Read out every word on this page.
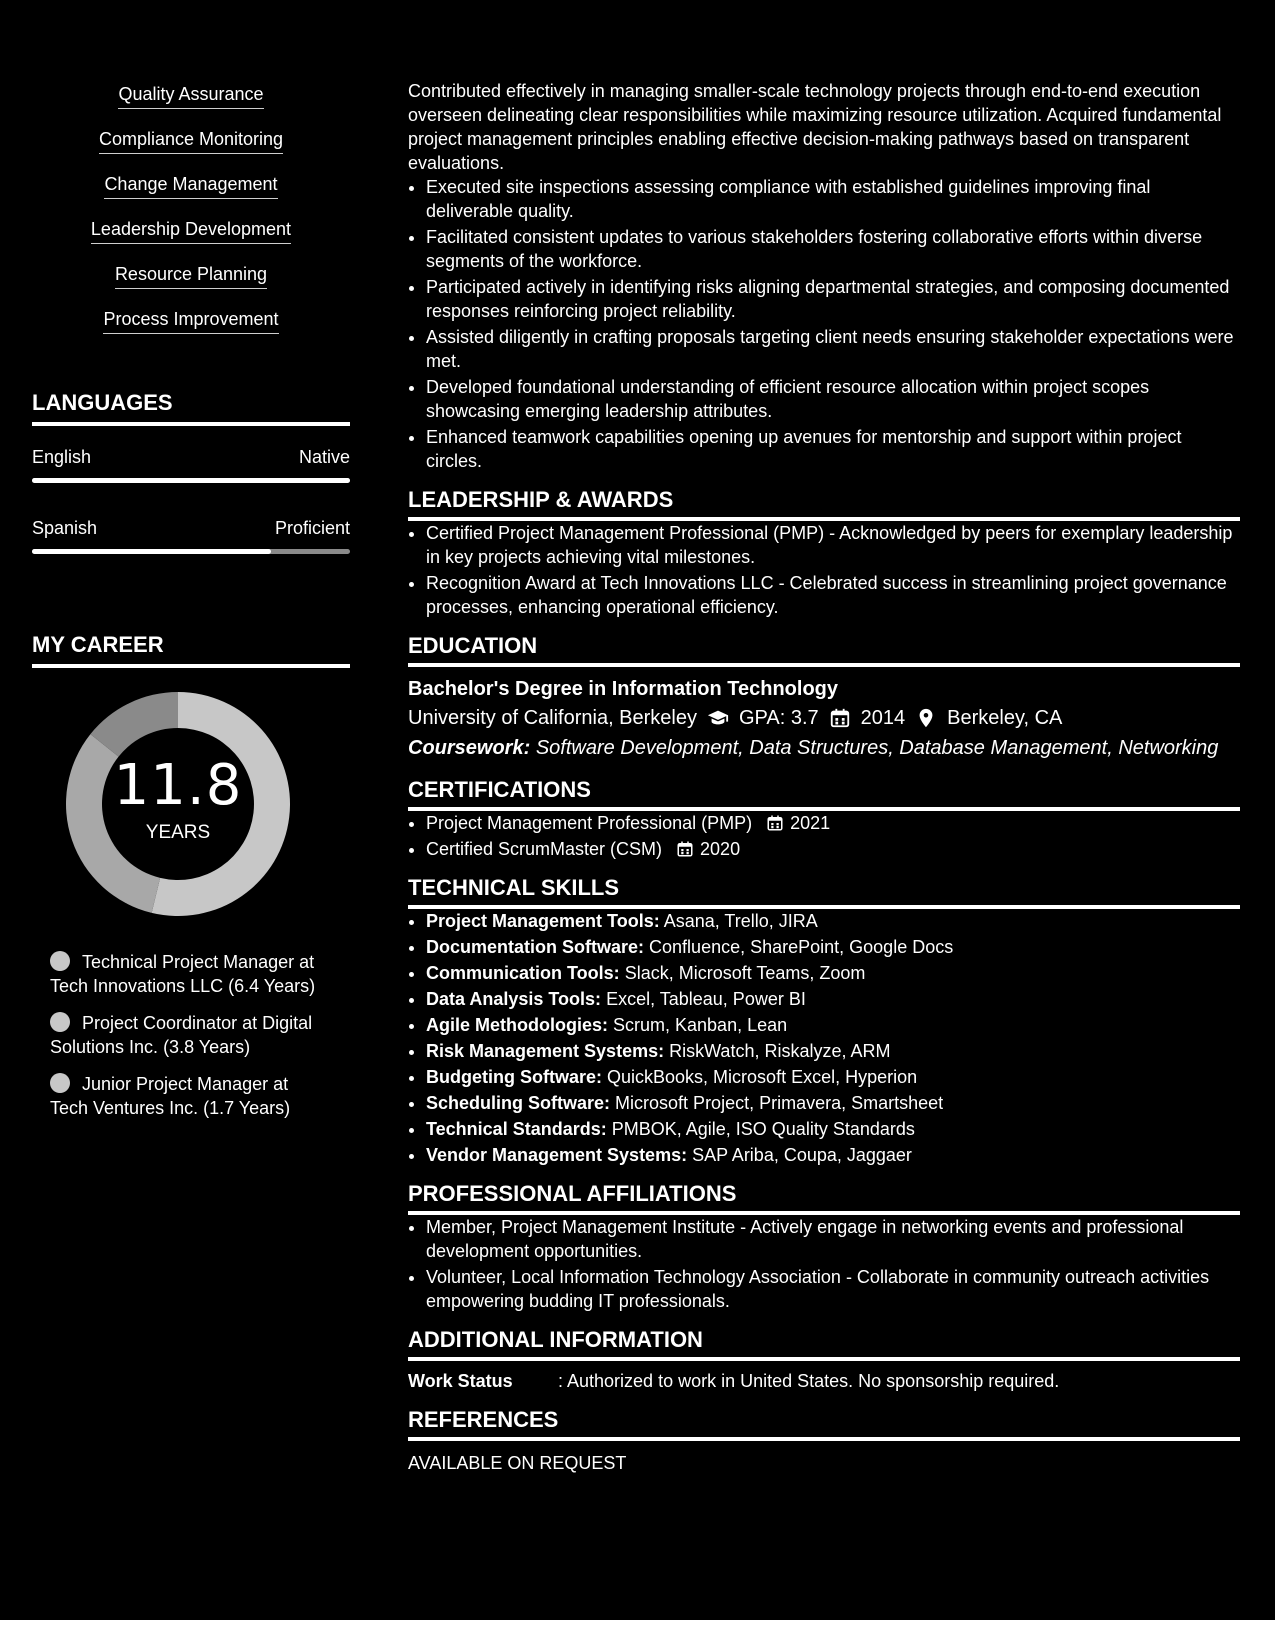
Quality Assurance
Compliance Monitoring
Change Management
Leadership Development
Resource Planning
Process Improvement
LANGUAGES
English	Native
Spanish	Proficient
MY CAREER
11.8
YEARS
Technical Project Manager at Tech Innovations LLC (6.4 Years)
Project Coordinator at Digital Solutions Inc. (3.8 Years)
Junior Project Manager at Tech Ventures Inc. (1.7 Years)

Contributed effectively in managing smaller-scale technology projects through end-to-end execution overseen delineating clear responsibilities while maximizing resource utilization. Acquired fundamental project management principles enabling effective decision-making pathways based on transparent evaluations.

• Executed site inspections assessing compliance with established guidelines improving final deliverable quality.
• Facilitated consistent updates to various stakeholders fostering collaborative efforts within diverse segments of the workforce.
• Participated actively in identifying risks aligning departmental strategies, and composing documented responses reinforcing project reliability.
• Assisted diligently in crafting proposals targeting client needs ensuring stakeholder expectations were met.
• Developed foundational understanding of efficient resource allocation within project scopes showcasing emerging leadership attributes.
• Enhanced teamwork capabilities opening up avenues for mentorship and support within project circles.
LEADERSHIP & AWARDS
• Certified Project Management Professional (PMP) - Acknowledged by peers for exemplary leadership in key projects achieving vital milestones.
• Recognition Award at Tech Innovations LLC - Celebrated success in streamlining project governance processes, enhancing operational efficiency.
EDUCATION
Bachelor's Degree in Information Technology
University of California, Berkeley GPA: 3.7 2014 Berkeley, CA
Coursework: Software Development, Data Structures, Database Management, Networking
CERTIFICATIONS
• Project Management Professional (PMP) 2021
• Certified ScrumMaster (CSM) 2020
TECHNICAL SKILLS
• Project Management Tools: Asana, Trello, JIRA
• Documentation Software: Confluence, SharePoint, Google Docs
• Communication Tools: Slack, Microsoft Teams, Zoom
• Data Analysis Tools: Excel, Tableau, Power BI
• Agile Methodologies: Scrum, Kanban, Lean
• Risk Management Systems: RiskWatch, Riskalyze, ARM
• Budgeting Software: QuickBooks, Microsoft Excel, Hyperion
• Scheduling Software: Microsoft Project, Primavera, Smartsheet
• Technical Standards: PMBOK, Agile, ISO Quality Standards
• Vendor Management Systems: SAP Ariba, Coupa, Jaggaer
PROFESSIONAL AFFILIATIONS
• Member, Project Management Institute - Actively engage in networking events and professional development opportunities.
• Volunteer, Local Information Technology Association - Collaborate in community outreach activities empowering budding IT professionals.
ADDITIONAL INFORMATION
Work Status	: Authorized to work in United States. No sponsorship required.
REFERENCES
AVAILABLE ON REQUEST
